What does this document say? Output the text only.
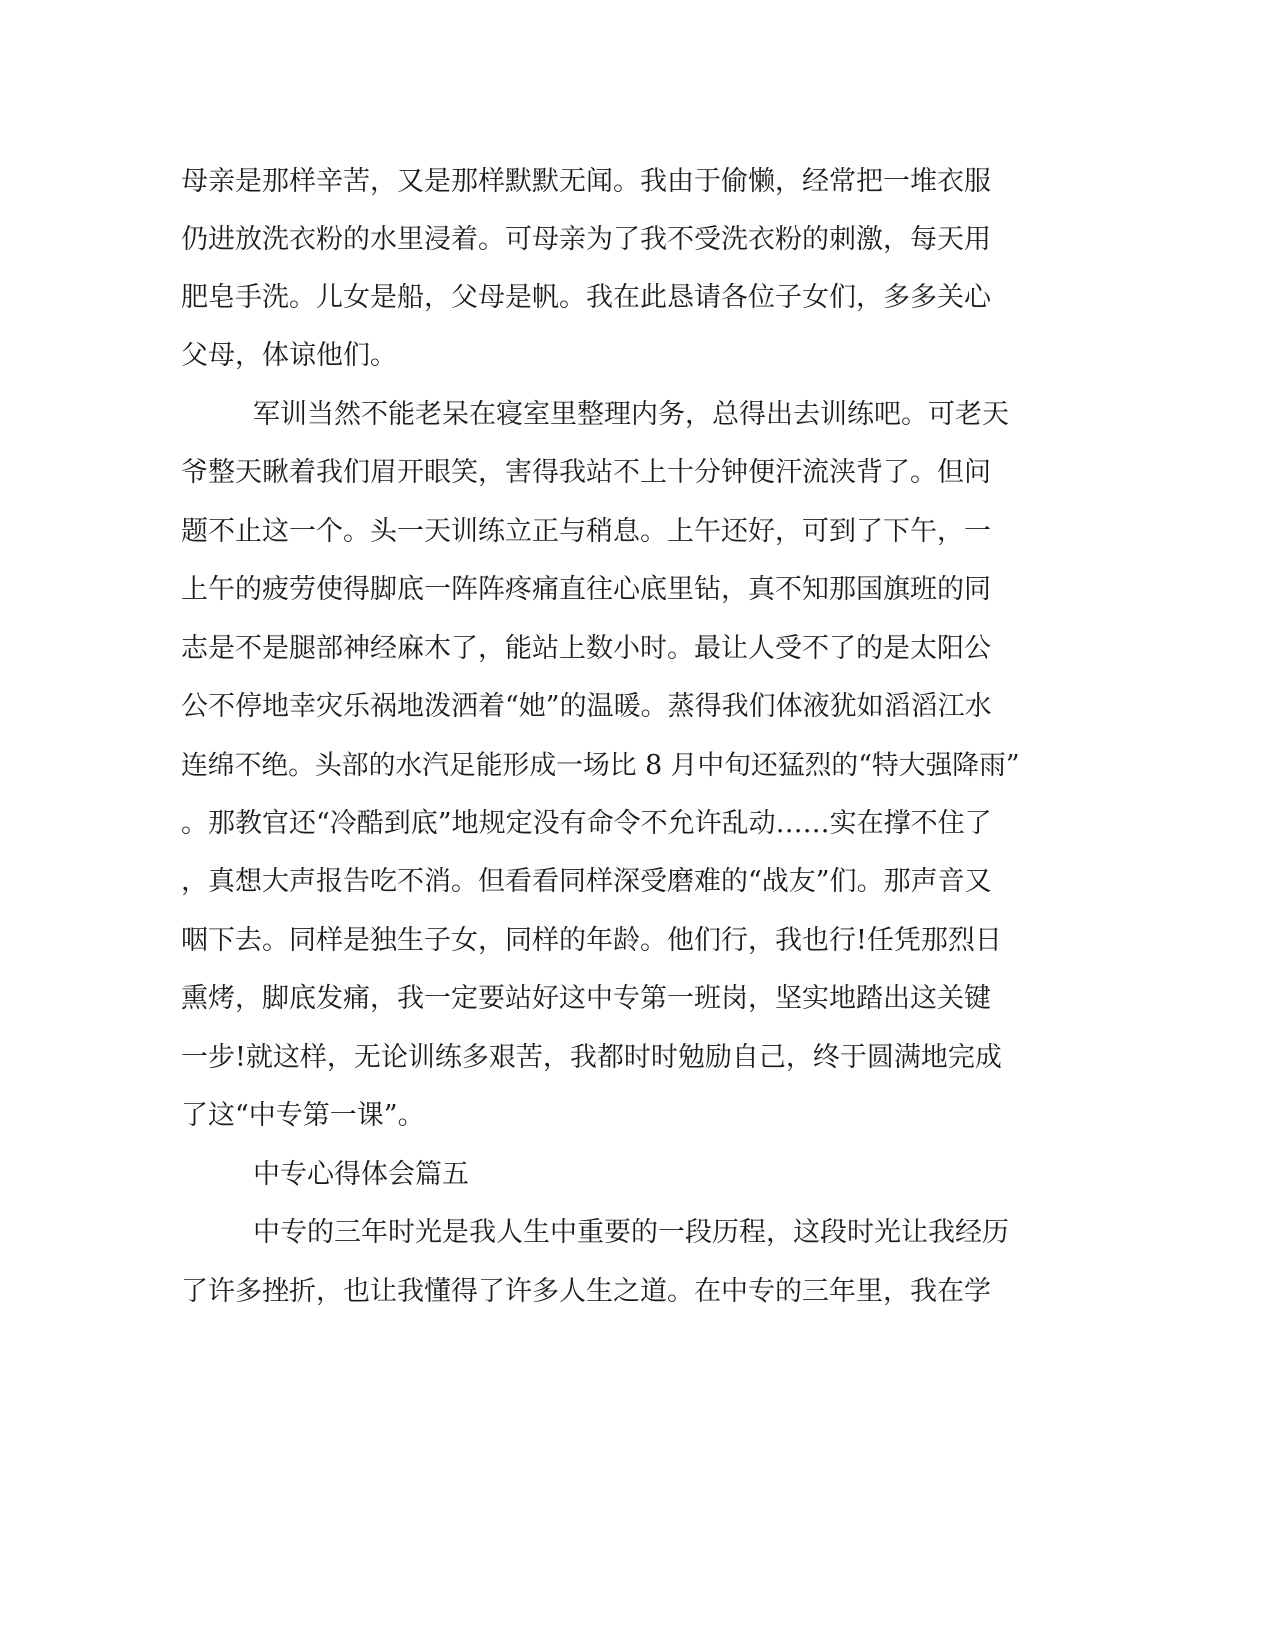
母亲是那样辛苦，又是那样默默无闻。我由于偷懒，经常把一堆衣服
仍进放洗衣粉的水里浸着。可母亲为了我不受洗衣粉的刺激，每天用
肥皂手洗。儿女是船，父母是帆。我在此恳请各位子女们，多多关心
父母，体谅他们。
军训当然不能老呆在寝室里整理内务，总得出去训练吧。可老天
爷整天瞅着我们眉开眼笑，害得我站不上十分钟便汗流浃背了。但问
题不止这一个。头一天训练立正与稍息。上午还好，可到了下午，一
上午的疲劳使得脚底一阵阵疼痛直往心底里钻，真不知那国旗班的同
志是不是腿部神经麻木了，能站上数小时。最让人受不了的是太阳公
公不停地幸灾乐祸地泼洒着“她”的温暖。蒸得我们体液犹如滔滔江水
连绵不绝。头部的水汽足能形成一场比 8 月中旬还猛烈的“特大强降雨”
。那教官还“冷酷到底”地规定没有命令不允许乱动……实在撑不住了
，真想大声报告吃不消。但看看同样深受磨难的“战友”们。那声音又
咽下去。同样是独生子女，同样的年龄。他们行，我也行!任凭那烈日
熏烤，脚底发痛，我一定要站好这中专第一班岗，坚实地踏出这关键
一步!就这样，无论训练多艰苦，我都时时勉励自己，终于圆满地完成
了这“中专第一课”。
中专心得体会篇五
中专的三年时光是我人生中重要的一段历程，这段时光让我经历
了许多挫折，也让我懂得了许多人生之道。在中专的三年里，我在学
